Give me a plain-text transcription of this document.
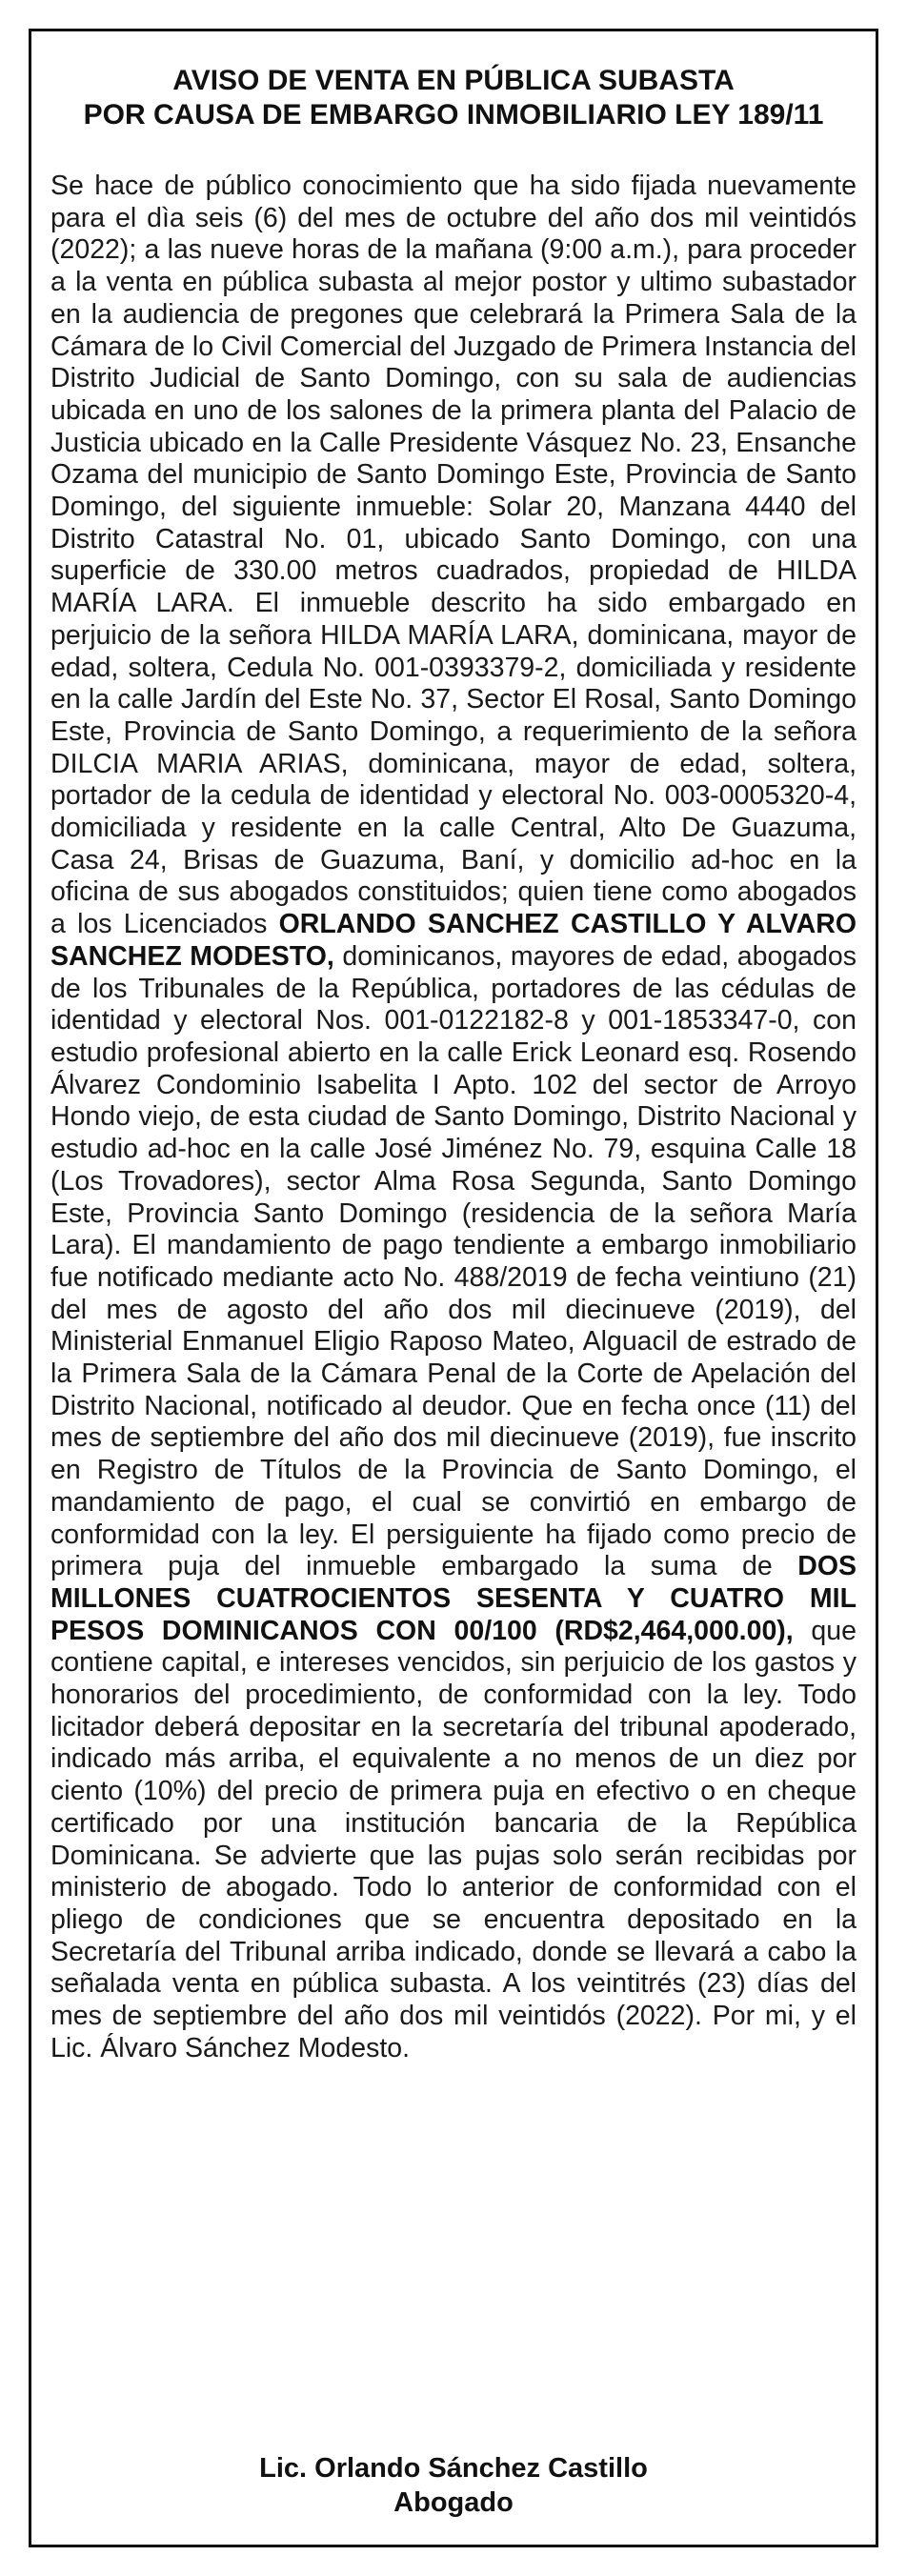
AVISO DE VENTA EN PÚBLICA SUBASTA
POR CAUSA DE EMBARGO INMOBILIARIO LEY 189/11

Se hace de público conocimiento que ha sido fijada nuevamente para el dìa seis (6) del mes de octubre del año dos mil veintidós (2022); a las nueve horas de la mañana (9:00 a.m.), para proceder a la venta en pública subasta al mejor postor y ultimo subastador en la audiencia de pregones que celebrará la Primera Sala de la Cámara de lo Civil Comercial del Juzgado de Primera Instancia del Distrito Judicial de Santo Domingo, con su sala de audiencias ubicada en uno de los salones de la primera planta del Palacio de Justicia ubicado en la Calle Presidente Vásquez No. 23, Ensanche Ozama del municipio de Santo Domingo Este, Provincia de Santo Domingo, del siguiente inmueble: Solar 20, Manzana 4440 del Distrito Catastral No. 01, ubicado Santo Domingo, con una superficie de 330.00 metros cuadrados, propiedad de HILDA MARÍA LARA. El inmueble descrito ha sido embargado en perjuicio de la señora HILDA MARÍA LARA, dominicana, mayor de edad, soltera, Cedula No. 001-0393379-2, domiciliada y residente en la calle Jardín del Este No. 37, Sector El Rosal, Santo Domingo Este, Provincia de Santo Domingo, a requerimiento de la señora DILCIA MARIA ARIAS, dominicana, mayor de edad, soltera, portador de la cedula de identidad y electoral No. 003-0005320-4, domiciliada y residente en la calle Central, Alto De Guazuma, Casa 24, Brisas de Guazuma, Baní, y domicilio ad-hoc en la oficina de sus abogados constituidos; quien tiene como abogados a los Licenciados ORLANDO SANCHEZ CASTILLO Y ALVARO SANCHEZ MODESTO, dominicanos, mayores de edad, abogados de los Tribunales de la República, portadores de las cédulas de identidad y electoral Nos. 001-0122182-8 y 001-1853347-0, con estudio profesional abierto en la calle Erick Leonard esq. Rosendo Álvarez Condominio Isabelita I Apto. 102 del sector de Arroyo Hondo viejo, de esta ciudad de Santo Domingo, Distrito Nacional y estudio ad-hoc en la calle José Jiménez No. 79, esquina Calle 18 (Los Trovadores), sector Alma Rosa Segunda, Santo Domingo Este, Provincia Santo Domingo (residencia de la señora María Lara). El mandamiento de pago tendiente a embargo inmobiliario fue notificado mediante acto No. 488/2019 de fecha veintiuno (21) del mes de agosto del año dos mil diecinueve (2019), del Ministerial Enmanuel Eligio Raposo Mateo, Alguacil de estrado de la Primera Sala de la Cámara Penal de la Corte de Apelación del Distrito Nacional, notificado al deudor. Que en fecha once (11) del mes de septiembre del año dos mil diecinueve (2019), fue inscrito en Registro de Títulos de la Provincia de Santo Domingo, el mandamiento de pago, el cual se convirtió en embargo de conformidad con la ley. El persiguiente ha fijado como precio de primera puja del inmueble embargado la suma de DOS MILLONES CUATROCIENTOS SESENTA Y CUATRO MIL PESOS DOMINICANOS CON 00/100 (RD$2,464,000.00), que contiene capital, e intereses vencidos, sin perjuicio de los gastos y honorarios del procedimiento, de conformidad con la ley. Todo licitador deberá depositar en la secretaría del tribunal apoderado, indicado más arriba, el equivalente a no menos de un diez por ciento (10%) del precio de primera puja en efectivo o en cheque certificado por una institución bancaria de la República Dominicana. Se advierte que las pujas solo serán recibidas por ministerio de abogado. Todo lo anterior de conformidad con el pliego de condiciones que se encuentra depositado en la Secretaría del Tribunal arriba indicado, donde se llevará a cabo la señalada venta en pública subasta. A los veintitrés (23) días del mes de septiembre del año dos mil veintidós (2022). Por mi, y el Lic. Álvaro Sánchez Modesto.

Lic. Orlando Sánchez Castillo
Abogado
